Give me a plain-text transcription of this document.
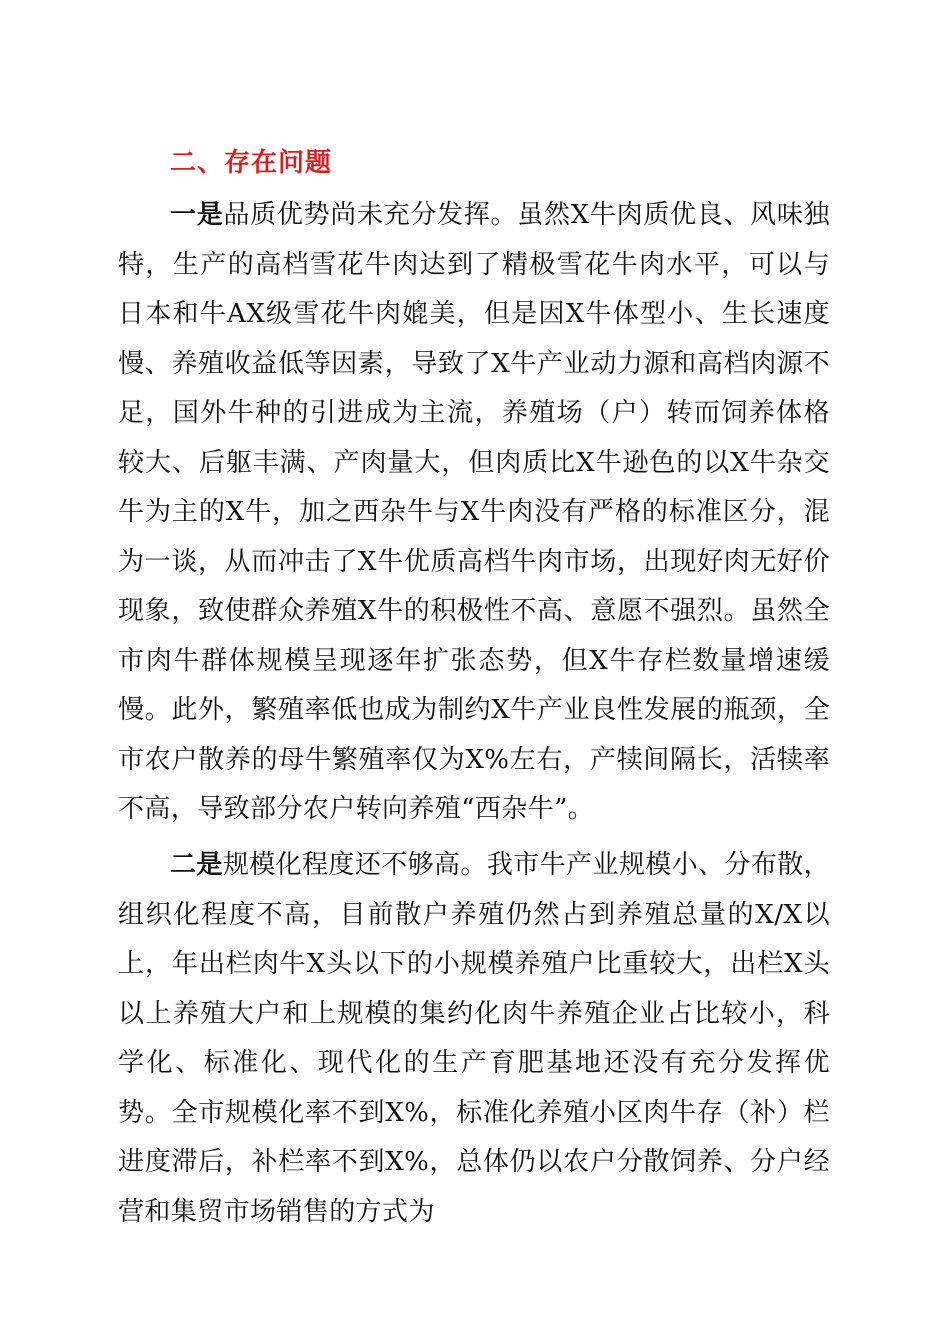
二、存在问题

一是品质优势尚未充分发挥。虽然X牛肉质优良、风味独特，生产的高档雪花牛肉达到了精极雪花牛肉水平，可以与日本和牛AX级雪花牛肉媲美，但是因X牛体型小、生长速度慢、养殖收益低等因素，导致了X牛产业动力源和高档肉源不足，国外牛种的引进成为主流，养殖场（户）转而饲养体格较大、后躯丰满、产肉量大，但肉质比X牛逊色的以X牛杂交牛为主的X牛，加之西杂牛与X牛肉没有严格的标准区分，混为一谈，从而冲击了X牛优质高档牛肉市场，出现好肉无好价现象，致使群众养殖X牛的积极性不高、意愿不强烈。虽然全市肉牛群体规模呈现逐年扩张态势，但X牛存栏数量增速缓慢。此外，繁殖率低也成为制约X牛产业良性发展的瓶颈，全市农户散养的母牛繁殖率仅为X%左右，产犊间隔长，活犊率不高，导致部分农户转向养殖“西杂牛”。

二是规模化程度还不够高。我市牛产业规模小、分布散，组织化程度不高，目前散户养殖仍然占到养殖总量的X/X以上，年出栏肉牛X头以下的小规模养殖户比重较大，出栏X头以上养殖大户和上规模的集约化肉牛养殖企业占比较小，科学化、标准化、现代化的生产育肥基地还没有充分发挥优势。全市规模化率不到X%，标准化养殖小区肉牛存（补）栏进度滞后，补栏率不到X%，总体仍以农户分散饲养、分户经营和集贸市场销售的方式为
